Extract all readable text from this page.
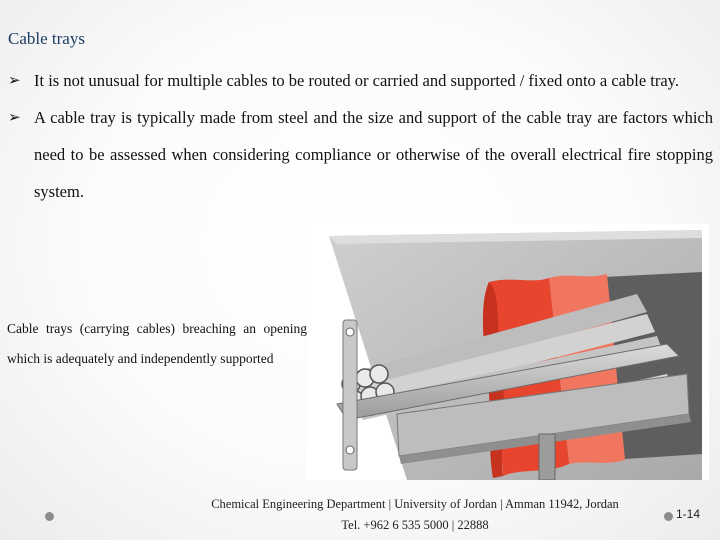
Cable trays
➢ It is not unusual for multiple cables to be routed or carried and supported / fixed onto a cable tray.
➢ A cable tray is typically made from steel and the size and support of the cable tray are factors which need to be assessed when considering compliance or otherwise of the overall electrical fire stopping system.
Cable trays (carrying cables) breaching an opening which is adequately and independently supported
Chemical Engineering Department | University of Jordan | Amman 11942, Jordan
Tel. +962 6 535 5000 | 22888
1-14
